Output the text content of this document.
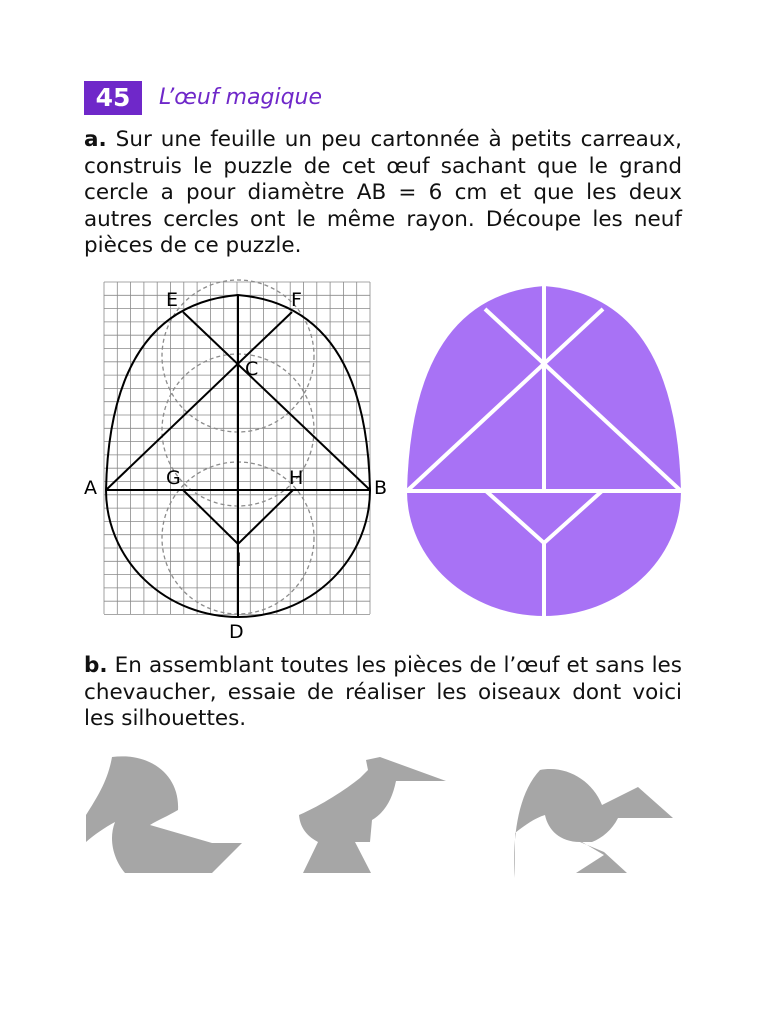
45	L’œuf magique

a. Sur une feuille un peu cartonnée à petits carreaux, construis le puzzle de cet œuf sachant que le grand cercle a pour diamètre AB = 6 cm et que les deux autres cercles ont le même rayon. Découpe les neuf pièces de ce puzzle.

A	B
C
D
E	F
G	H
I

b. En assemblant toutes les pièces de l’œuf et sans les chevaucher, essaie de réaliser les oiseaux dont voici les silhouettes.
